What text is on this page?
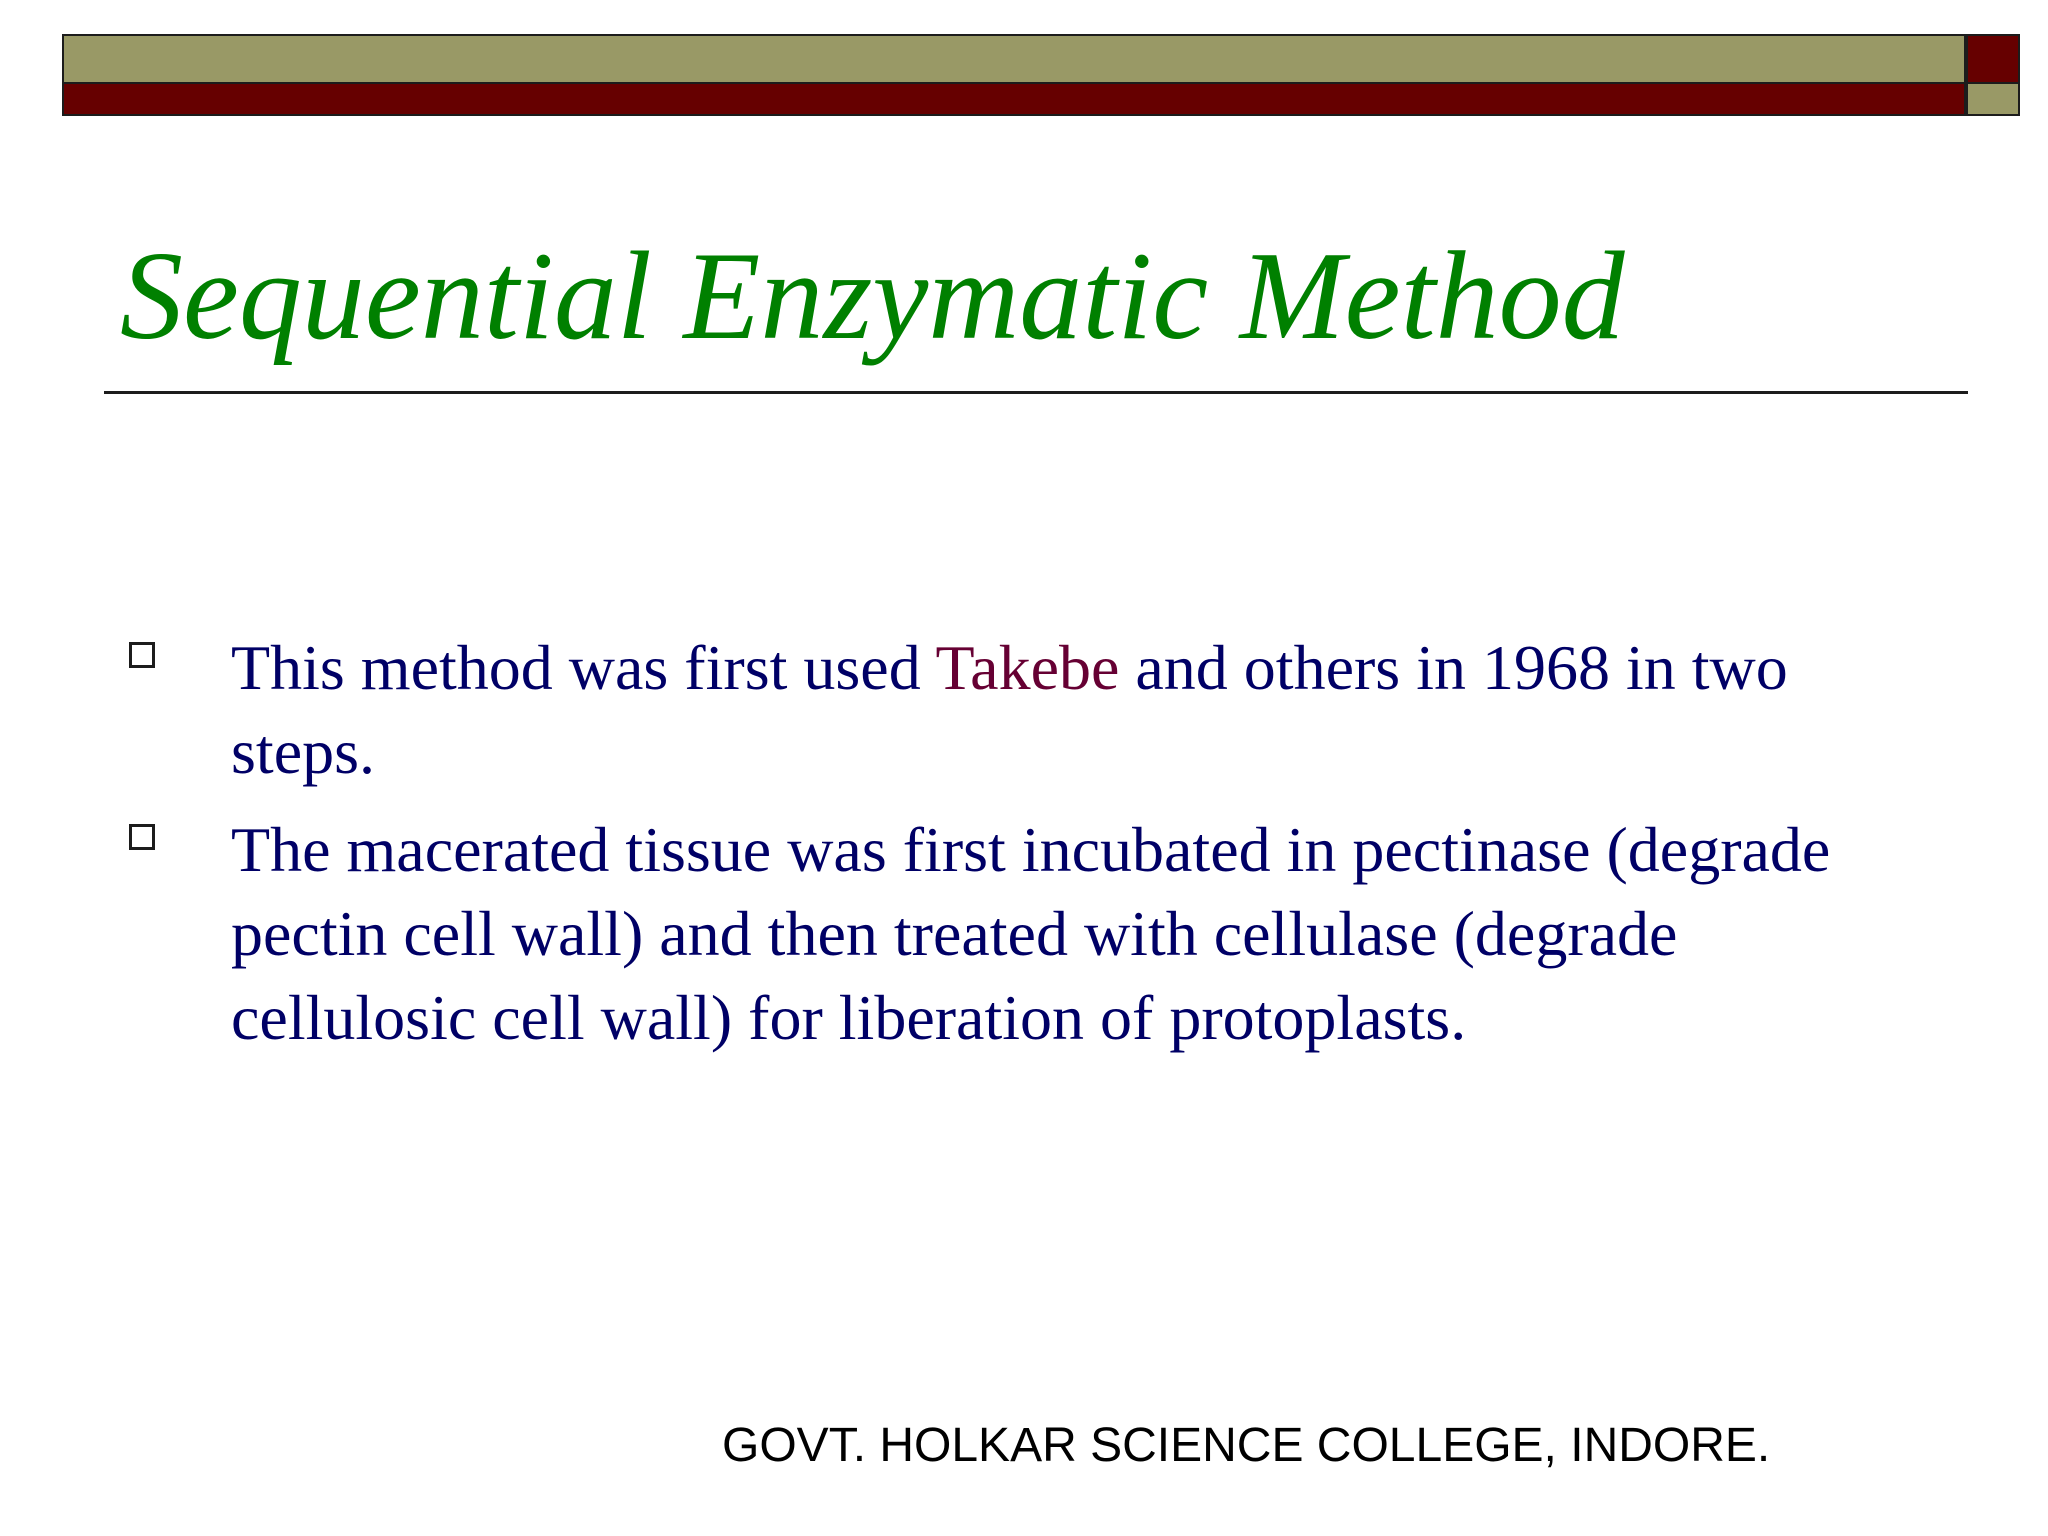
Sequential Enzymatic Method
This method was first used Takebe and others in 1968 in two steps.
The macerated tissue was first incubated in pectinase (degrade pectin cell wall) and then treated with cellulase (degrade cellulosic cell wall) for liberation of protoplasts.
GOVT. HOLKAR SCIENCE COLLEGE, INDORE.
